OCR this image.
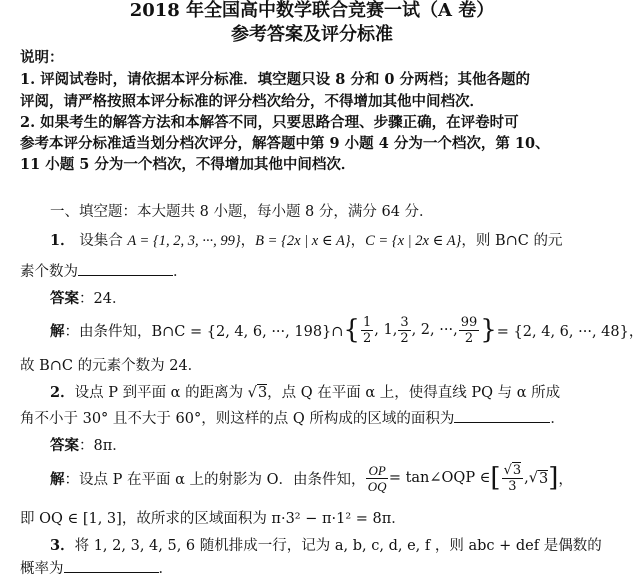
2018 年全国高中数学联合竞赛一试（A 卷）
参考答案及评分标准
说明：
1. 评阅试卷时，请依据本评分标准．填空题只设 8 分和 0 分两档；其他各题的
评阅，请严格按照本评分标准的评分档次给分，不得增加其他中间档次．
2. 如果考生的解答方法和本解答不同，只要思路合理、步骤正确，在评卷时可
参考本评分标准适当划分档次评分，解答题中第 9 小题 4 分为一个档次，第 10、
11 小题 5 分为一个档次，不得增加其他中间档次．
一、填空题：本大题共 8 小题，每小题 8 分，满分 64 分．
1． 设集合 A = {1, 2, 3, ···, 99}，B = {2x | x ∈ A}，C = {x | 2x ∈ A}，则 B∩C 的元
素个数为	．
答案：24．
解 ：由条件知，B∩C = {2, 4, 6, ···, 198}∩ { $\frac{1}{2}$ , 1, $\frac{3}{2}$ , 2, ···, $\frac{99}{2}$ } = {2, 4, 6, ···, 48}，
故 B∩C 的元素个数为 24．
2．设点 P 到平面 α 的距离为 √3，点 Q 在平面 α 上，使得直线 PQ 与 α 所成
角不小于 30° 且不大于 60°，则这样的点 Q 所构成的区域的面积为	．
答案：8π．
解 ：设点 P 在平面 α 上的射影为 O．由条件知， $\frac{OP}{OQ}$ = tan∠OQP ∈ [ $\frac{√3}{3}$ , √ 3 ] ，
即 OQ ∈ [1, 3]，故所求的区域面积为 π·3² − π·1² = 8π．
3．将 1, 2, 3, 4, 5, 6 随机排成一行，记为 a, b, c, d, e, f ，则 abc + def 是偶数的
概率为	．
